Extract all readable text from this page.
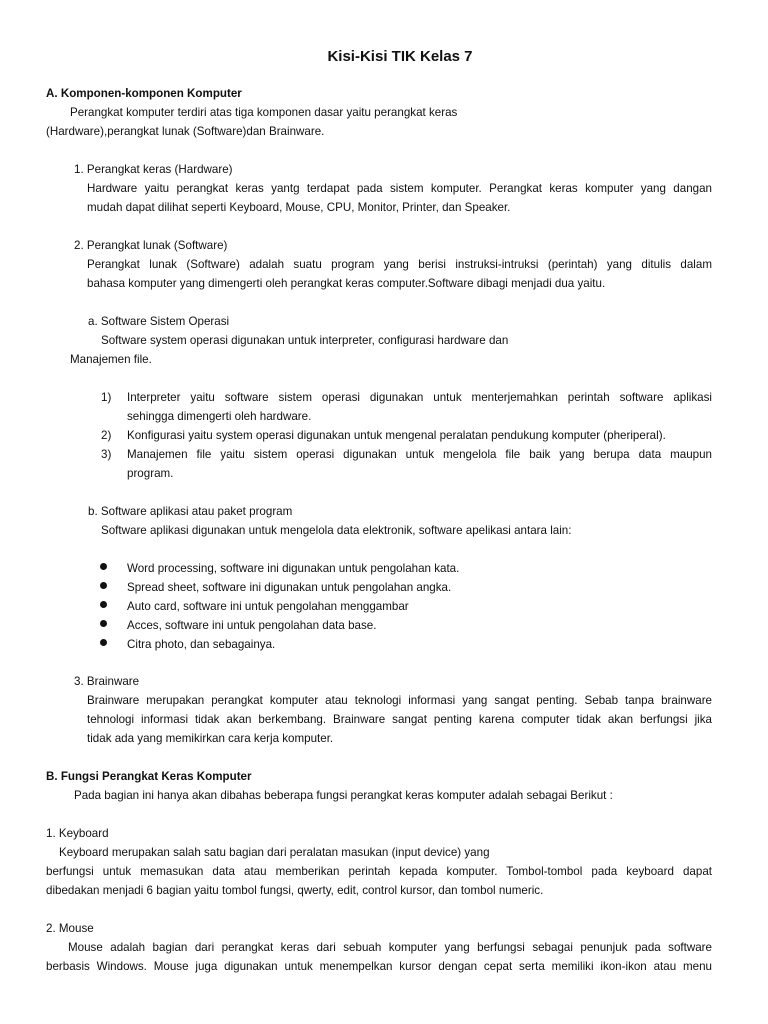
Kisi-Kisi TIK Kelas 7
A. Komponen-komponen Komputer
Perangkat komputer terdiri atas tiga komponen dasar yaitu perangkat keras
(Hardware),perangkat lunak (Software)dan Brainware.
1. Perangkat keras (Hardware)
Hardware yaitu perangkat keras yantg terdapat pada sistem komputer. Perangkat keras komputer yang dangan
mudah dapat dilihat seperti Keyboard, Mouse, CPU, Monitor, Printer, dan Speaker.
2. Perangkat lunak (Software)
Perangkat lunak (Software) adalah suatu program yang berisi instruksi-intruksi (perintah) yang ditulis dalam
bahasa komputer yang dimengerti oleh perangkat keras computer.Software dibagi menjadi dua yaitu.
a. Software Sistem Operasi
Software system operasi digunakan untuk interpreter, configurasi hardware dan
Manajemen file.
1) Interpreter yaitu software sistem operasi digunakan untuk menterjemahkan perintah software aplikasi
sehingga dimengerti oleh hardware.
2) Konfigurasi yaitu system operasi digunakan untuk mengenal peralatan pendukung komputer (pheriperal).
3) Manajemen file yaitu sistem operasi digunakan untuk mengelola file baik yang berupa data maupun
program.
b. Software aplikasi atau paket program
Software aplikasi digunakan untuk mengelola data elektronik, software apelikasi antara lain:
Word processing, software ini digunakan untuk pengolahan kata.
Spread sheet, software ini digunakan untuk pengolahan angka.
Auto card, software ini untuk pengolahan menggambar
Acces, software ini untuk pengolahan data base.
Citra photo, dan sebagainya.
3. Brainware
Brainware merupakan perangkat komputer atau teknologi informasi yang sangat penting. Sebab tanpa brainware
tehnologi informasi tidak akan berkembang. Brainware sangat penting karena computer tidak akan berfungsi jika
tidak ada yang memikirkan cara kerja komputer.
B. Fungsi Perangkat Keras Komputer
Pada bagian ini hanya akan dibahas beberapa fungsi perangkat keras komputer adalah sebagai Berikut :
1. Keyboard
Keyboard merupakan salah satu bagian dari peralatan masukan (input device) yang
berfungsi untuk memasukan data atau memberikan perintah kepada komputer. Tombol-tombol pada keyboard dapat
dibedakan menjadi 6 bagian yaitu tombol fungsi, qwerty, edit, control kursor, dan tombol numeric.
2. Mouse
Mouse adalah bagian dari perangkat keras dari sebuah komputer yang berfungsi sebagai penunjuk pada software
berbasis Windows. Mouse juga digunakan untuk menempelkan kursor dengan cepat serta memiliki ikon-ikon atau menu
